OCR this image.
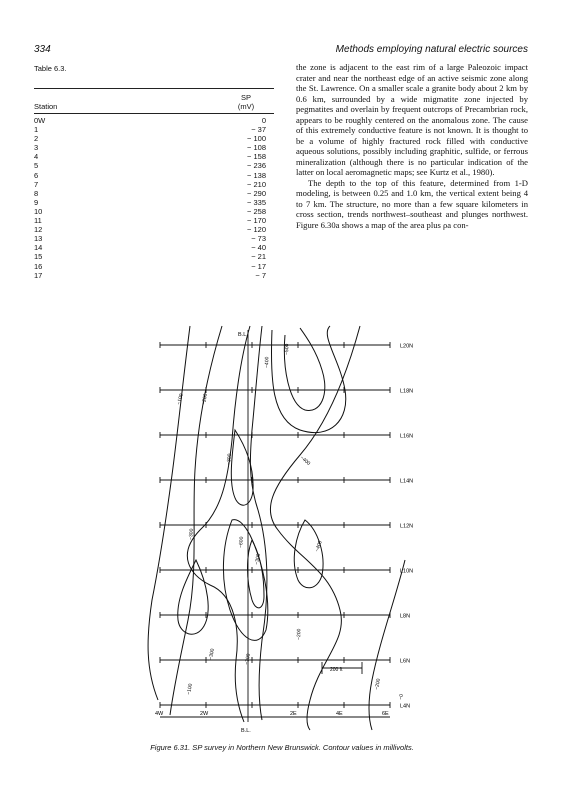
334	Methods employing natural electric sources
Table 6.3.
Station
SP
(mV)
0W	0
1	− 37
2	− 100
3	− 108
4	− 158
5	− 236
6	− 138
7	− 210
8	− 290
9	− 335
10	− 258
11	− 170
12	− 120
13	− 73
14	− 40
15	− 21
16	− 17
17	− 7

the zone is adjacent to the east rim of a large Paleozoic impact crater and near the northeast edge of an active seismic zone along the St. Lawrence. On a smaller scale a granite body about 2 km by 0.6 km, surrounded by a wide migmatite zone injected by pegmatites and overlain by frequent outcrops of Precambrian rock, appears to be roughly centered on the anomalous zone. The cause of this extremely conductive feature is not known. It is thought to be a volume of highly fractured rock filled with conductive aqueous solutions, possibly including graphitic, sulfide, or ferrous mineralization (although there is no particular indication of the latter on local aeromagnetic maps; see Kurtz et al., 1980).

The depth to the top of this feature, determined from 1-D modeling, is between 0.25 and 1.0 km, the vertical extent being 4 to 7 km. The structure, no more than a few square kilometers in cross section, trends northwest–southeast and plunges northwest. Figure 6.30a shows a map of the area plus ρa con-

L20N
L18N
L16N
L14N
L12N
L10N
L8N
L6N
L4N
B.L.
B.L.
4W	2W	2E	4E	6E
200 ft
−100	−200
−400
−500
−400
−300
−600
−300
−400
−300
−200
−300	−300
−200
−100
−0
Figure 6.31. SP survey in Northern New Brunswick. Contour values in millivolts.
